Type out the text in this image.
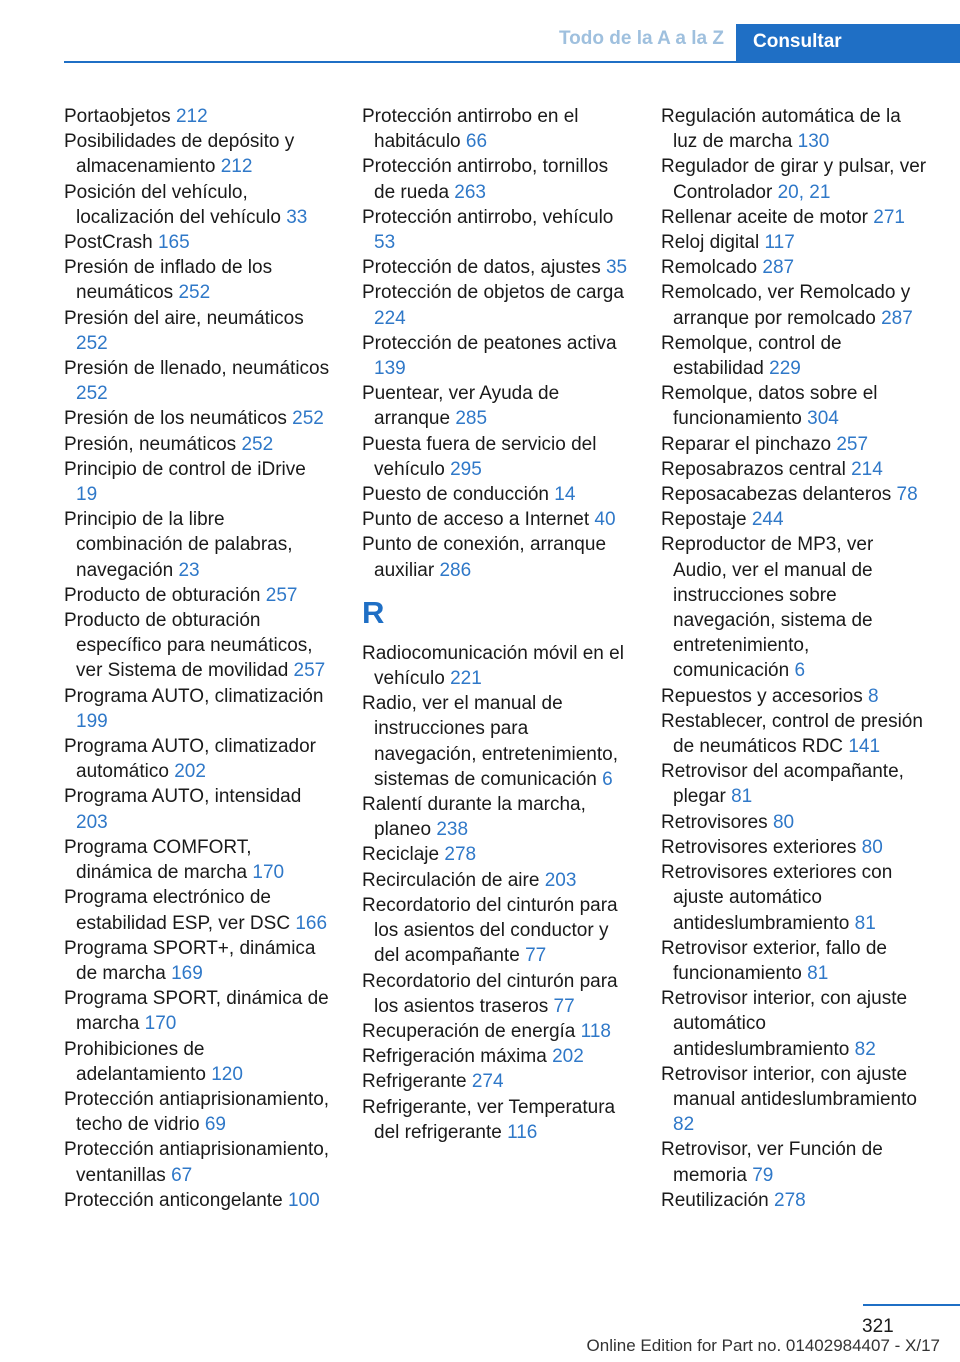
Todo de la A a la Z	Consultar
Portaobjetos 212
Posibilidades de depósito y almacenamiento 212
Posición del vehículo, localización del vehículo 33
PostCrash 165
Presión de inflado de los neumáticos 252
Presión del aire, neumáticos 252
Presión de llenado, neumáticos 252
Presión de los neumáticos 252
Presión, neumáticos 252
Principio de control de iDrive 19
Principio de la libre combinación de palabras, navegación 23
Producto de obturación 257
Producto de obturación específico para neumáticos, ver Sistema de movilidad 257
Programa AUTO, climatización 199
Programa AUTO, climatizador automático 202
Programa AUTO, intensidad 203
Programa COMFORT, dinámica de marcha 170
Programa electrónico de estabilidad ESP, ver DSC 166
Programa SPORT+, dinámica de marcha 169
Programa SPORT, dinámica de marcha 170
Prohibiciones de adelantamiento 120
Protección antiaprisionamiento, techo de vidrio 69
Protección antiaprisionamiento, ventanillas 67
Protección anticongelante 100
Protección antirrobo en el habitáculo 66
Protección antirrobo, tornillos de rueda 263
Protección antirrobo, vehículo 53
Protección de datos, ajustes 35
Protección de objetos de carga 224
Protección de peatones activa 139
Puentear, ver Ayuda de arranque 285
Puesta fuera de servicio del vehículo 295
Puesto de conducción 14
Punto de acceso a Internet 40
Punto de conexión, arranque auxiliar 286
R
Radiocomunicación móvil en el vehículo 221
Radio, ver el manual de instrucciones para navegación, entretenimiento, sistemas de comunicación 6
Ralentí durante la marcha, planeo 238
Reciclaje 278
Recirculación de aire 203
Recordatorio del cinturón para los asientos del conductor y del acompañante 77
Recordatorio del cinturón para los asientos traseros 77
Recuperación de energía 118
Refrigeración máxima 202
Refrigerante 274
Refrigerante, ver Temperatura del refrigerante 116
Regulación automática de la luz de marcha 130
Regulador de girar y pulsar, ver Controlador 20, 21
Rellenar aceite de motor 271
Reloj digital 117
Remolcado 287
Remolcado, ver Remolcado y arranque por remolcado 287
Remolque, control de estabilidad 229
Remolque, datos sobre el funcionamiento 304
Reparar el pinchazo 257
Reposabrazos central 214
Reposacabezas delanteros 78
Repostaje 244
Reproductor de MP3, ver Audio, ver el manual de instrucciones sobre navegación, sistema de entretenimiento, comunicación 6
Repuestos y accesorios 8
Restablecer, control de presión de neumáticos RDC 141
Retrovisor del acompañante, plegar 81
Retrovisores 80
Retrovisores exteriores 80
Retrovisores exteriores con ajuste automático antideslumbramiento 81
Retrovisor exterior, fallo de funcionamiento 81
Retrovisor interior, con ajuste automático antideslumbramiento 82
Retrovisor interior, con ajuste manual antideslumbramiento 82
Retrovisor, ver Función de memoria 79
Reutilización 278
321
Online Edition for Part no. 01402984407 - X/17
